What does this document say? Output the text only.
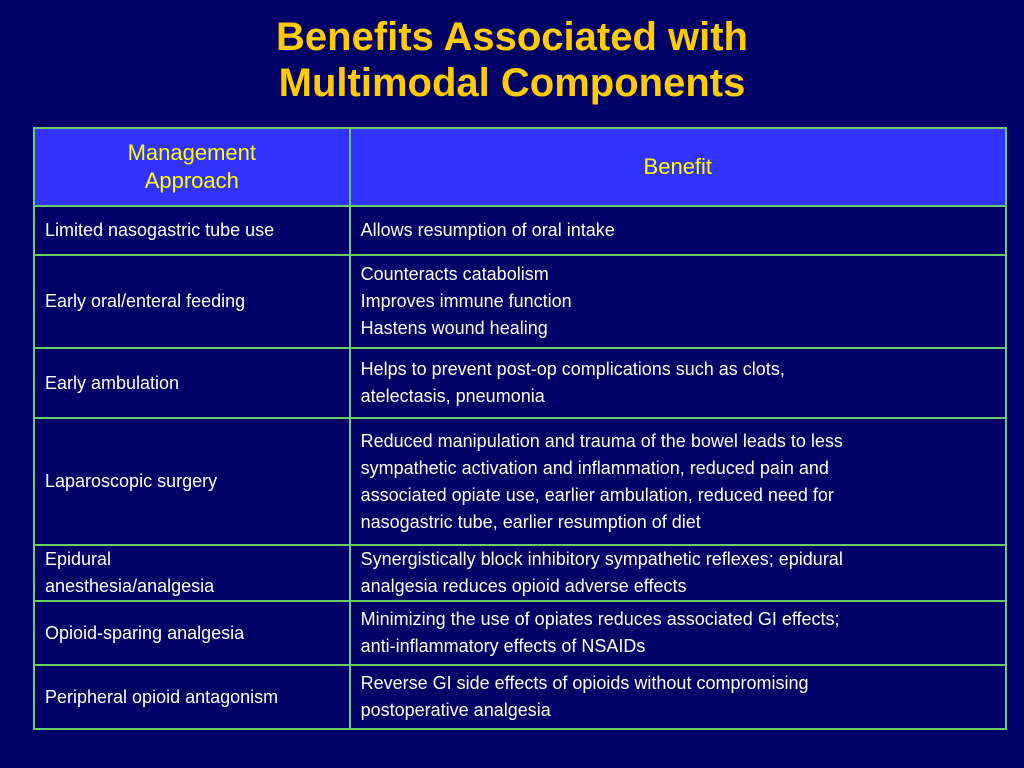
Benefits Associated with
Multimodal Components
Management
Approach	Benefit

Limited nasogastric tube use	Allows resumption of oral intake

Early oral/enteral feeding	Counteracts catabolism
Improves immune function
Hastens wound healing

Early ambulation	Helps to prevent post-op complications such as clots,
atelectasis, pneumonia

Laparoscopic surgery	Reduced manipulation and trauma of the bowel leads to less
sympathetic activation and inflammation, reduced pain and
associated opiate use, earlier ambulation, reduced need for
nasogastric tube, earlier resumption of diet

Epidural
anesthesia/analgesia	Synergistically block inhibitory sympathetic reflexes; epidural
analgesia reduces opioid adverse effects

Opioid-sparing analgesia	Minimizing the use of opiates reduces associated GI effects;
anti-inflammatory effects of NSAIDs

Peripheral opioid antagonism	Reverse GI side effects of opioids without compromising
postoperative analgesia
